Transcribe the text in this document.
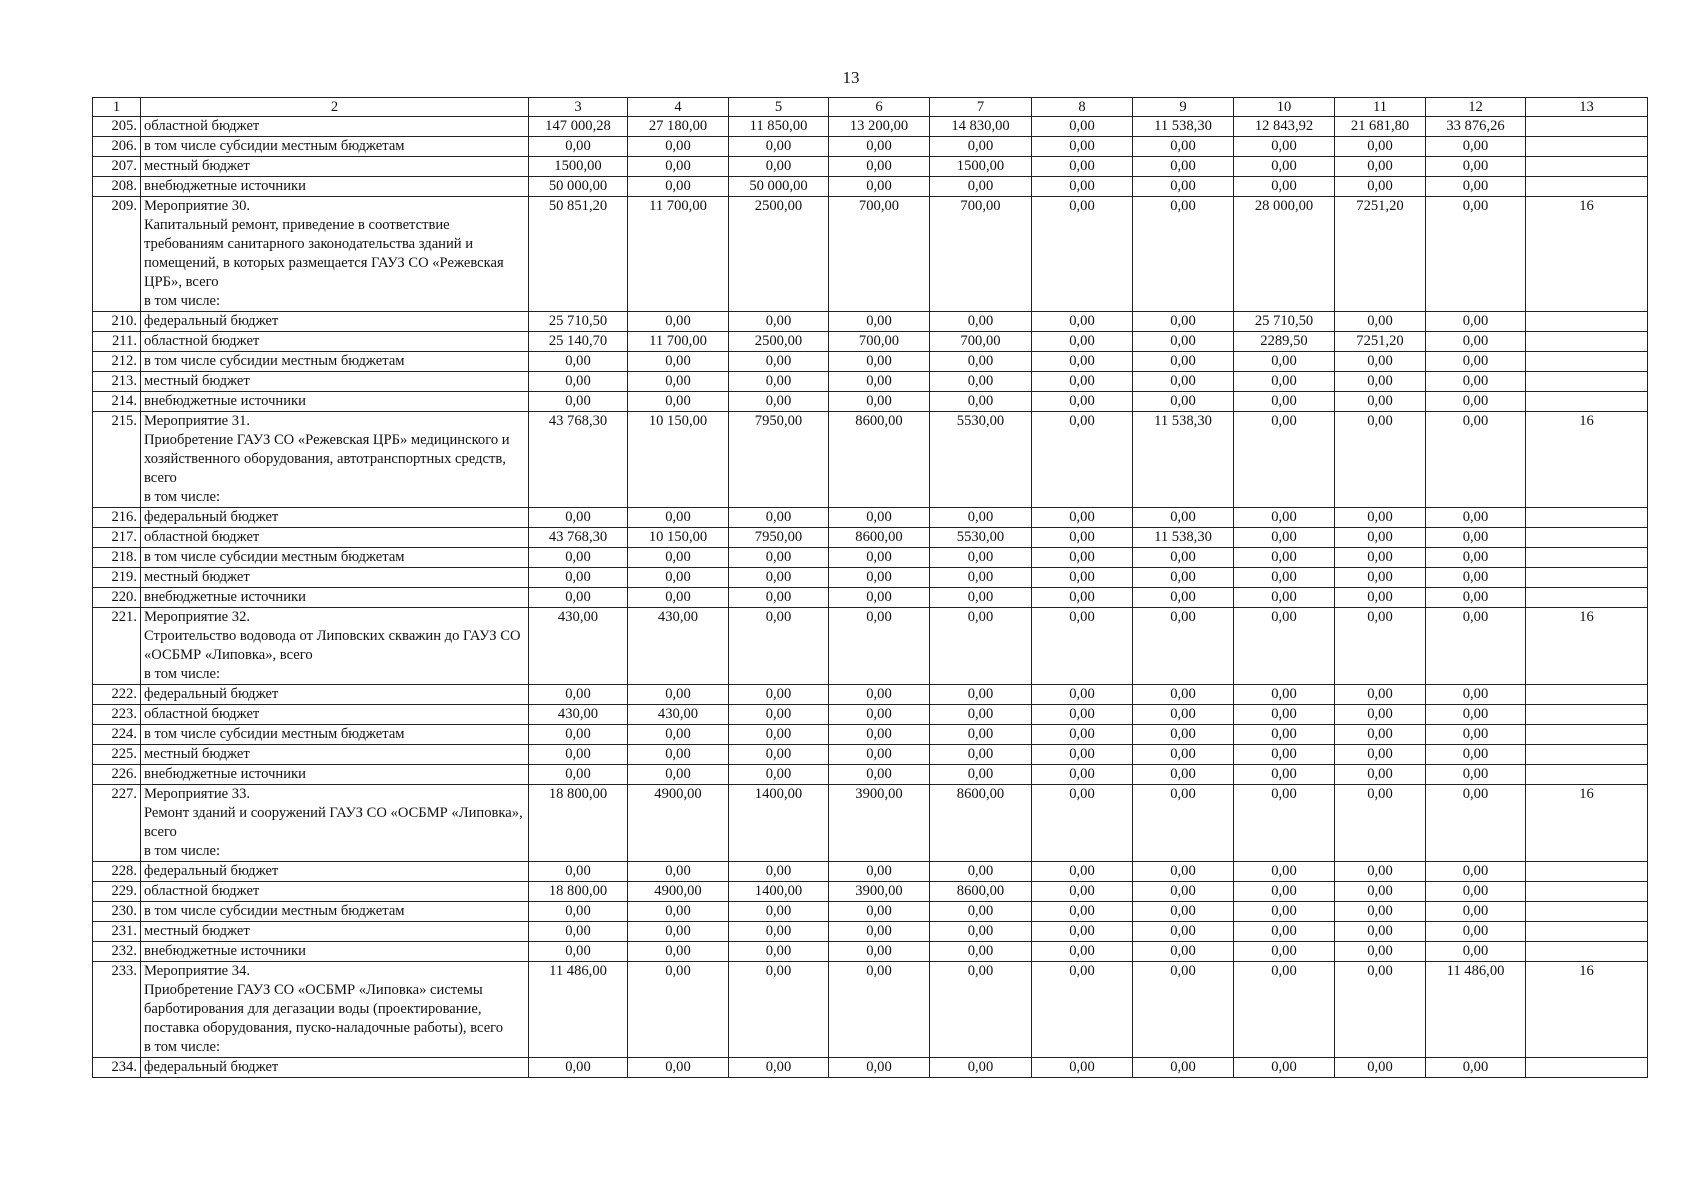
13
1	2	3	4	5	6	7	8	9	10	11	12	13
205.	областной бюджет	147 000,28	27 180,00	11 850,00	13 200,00	14 830,00	0,00	11 538,30	12 843,92	21 681,80	33 876,26	
206.	в том числе субсидии местным бюджетам	0,00	0,00	0,00	0,00	0,00	0,00	0,00	0,00	0,00	0,00	
207.	местный бюджет	1500,00	0,00	0,00	0,00	1500,00	0,00	0,00	0,00	0,00	0,00	
208.	внебюджетные источники	50 000,00	0,00	50 000,00	0,00	0,00	0,00	0,00	0,00	0,00	0,00	
209.	Мероприятие 30.
Капитальный ремонт, приведение в соответствие требованиям санитарного законодательства зданий и помещений, в которых размещается ГАУЗ СО «Режевская ЦРБ», всего
в том числе:	50 851,20	11 700,00	2500,00	700,00	700,00	0,00	0,00	28 000,00	7251,20	0,00	16
210.	федеральный бюджет	25 710,50	0,00	0,00	0,00	0,00	0,00	0,00	25 710,50	0,00	0,00	
211.	областной бюджет	25 140,70	11 700,00	2500,00	700,00	700,00	0,00	0,00	2289,50	7251,20	0,00	
212.	в том числе субсидии местным бюджетам	0,00	0,00	0,00	0,00	0,00	0,00	0,00	0,00	0,00	0,00	
213.	местный бюджет	0,00	0,00	0,00	0,00	0,00	0,00	0,00	0,00	0,00	0,00	
214.	внебюджетные источники	0,00	0,00	0,00	0,00	0,00	0,00	0,00	0,00	0,00	0,00	
215.	Мероприятие 31.
Приобретение ГАУЗ СО «Режевская ЦРБ» медицинского и хозяйственного оборудования, автотранспортных средств, всего
в том числе:	43 768,30	10 150,00	7950,00	8600,00	5530,00	0,00	11 538,30	0,00	0,00	0,00	16
216.	федеральный бюджет	0,00	0,00	0,00	0,00	0,00	0,00	0,00	0,00	0,00	0,00	
217.	областной бюджет	43 768,30	10 150,00	7950,00	8600,00	5530,00	0,00	11 538,30	0,00	0,00	0,00	
218.	в том числе субсидии местным бюджетам	0,00	0,00	0,00	0,00	0,00	0,00	0,00	0,00	0,00	0,00	
219.	местный бюджет	0,00	0,00	0,00	0,00	0,00	0,00	0,00	0,00	0,00	0,00	
220.	внебюджетные источники	0,00	0,00	0,00	0,00	0,00	0,00	0,00	0,00	0,00	0,00	
221.	Мероприятие 32.
Строительство водовода от Липовских скважин до ГАУЗ СО «ОСБМР «Липовка», всего
в том числе:	430,00	430,00	0,00	0,00	0,00	0,00	0,00	0,00	0,00	0,00	16
222.	федеральный бюджет	0,00	0,00	0,00	0,00	0,00	0,00	0,00	0,00	0,00	0,00	
223.	областной бюджет	430,00	430,00	0,00	0,00	0,00	0,00	0,00	0,00	0,00	0,00	
224.	в том числе субсидии местным бюджетам	0,00	0,00	0,00	0,00	0,00	0,00	0,00	0,00	0,00	0,00	
225.	местный бюджет	0,00	0,00	0,00	0,00	0,00	0,00	0,00	0,00	0,00	0,00	
226.	внебюджетные источники	0,00	0,00	0,00	0,00	0,00	0,00	0,00	0,00	0,00	0,00	
227.	Мероприятие 33.
Ремонт зданий и сооружений ГАУЗ СО «ОСБМР «Липовка», всего
в том числе:	18 800,00	4900,00	1400,00	3900,00	8600,00	0,00	0,00	0,00	0,00	0,00	16
228.	федеральный бюджет	0,00	0,00	0,00	0,00	0,00	0,00	0,00	0,00	0,00	0,00	
229.	областной бюджет	18 800,00	4900,00	1400,00	3900,00	8600,00	0,00	0,00	0,00	0,00	0,00	
230.	в том числе субсидии местным бюджетам	0,00	0,00	0,00	0,00	0,00	0,00	0,00	0,00	0,00	0,00	
231.	местный бюджет	0,00	0,00	0,00	0,00	0,00	0,00	0,00	0,00	0,00	0,00	
232.	внебюджетные источники	0,00	0,00	0,00	0,00	0,00	0,00	0,00	0,00	0,00	0,00	
233.	Мероприятие 34.
Приобретение ГАУЗ СО «ОСБМР «Липовка» системы барботирования для дегазации воды (проектирование, поставка оборудования, пуско-наладочные работы), всего
в том числе:	11 486,00	0,00	0,00	0,00	0,00	0,00	0,00	0,00	0,00	11 486,00	16
234.	федеральный бюджет	0,00	0,00	0,00	0,00	0,00	0,00	0,00	0,00	0,00	0,00	
